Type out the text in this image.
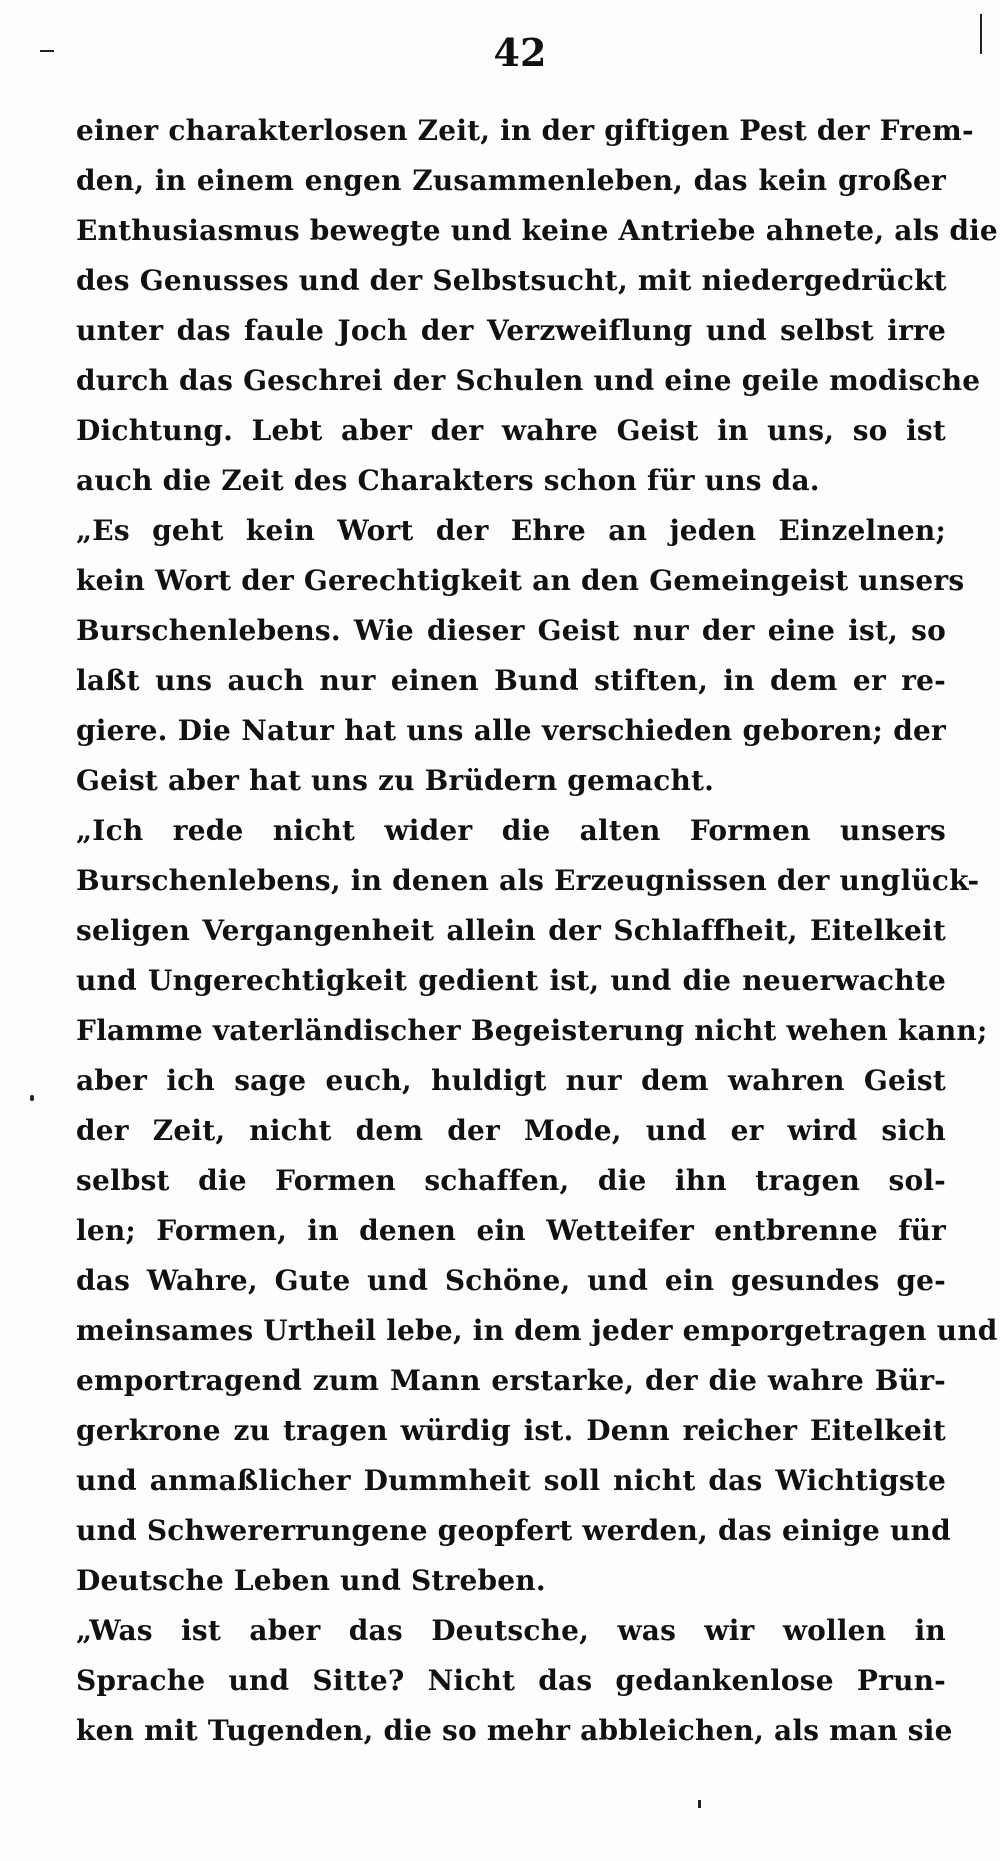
42
einer charakterlosen Zeit, in der giftigen Pest der Frem-
den, in einem engen Zusammenleben, das kein großer
Enthusiasmus bewegte und keine Antriebe ahnete, als die
des Genusses und der Selbstsucht, mit niedergedrückt
unter das faule Joch der Verzweiflung und selbst irre
durch das Geschrei der Schulen und eine geile modische
Dichtung. Lebt aber der wahre Geist in uns, so ist
auch die Zeit des Charakters schon für uns da.
„Es geht kein Wort der Ehre an jeden Einzelnen;
kein Wort der Gerechtigkeit an den Gemeingeist unsers
Burschenlebens. Wie dieser Geist nur der eine ist, so
laßt uns auch nur einen Bund stiften, in dem er re-
giere. Die Natur hat uns alle verschieden geboren; der
Geist aber hat uns zu Brüdern gemacht.
„Ich rede nicht wider die alten Formen unsers
Burschenlebens, in denen als Erzeugnissen der unglück-
seligen Vergangenheit allein der Schlaffheit, Eitelkeit
und Ungerechtigkeit gedient ist, und die neuerwachte
Flamme vaterländischer Begeisterung nicht wehen kann;
aber ich sage euch, huldigt nur dem wahren Geist
der Zeit, nicht dem der Mode, und er wird sich
selbst die Formen schaffen, die ihn tragen sol-
len; Formen, in denen ein Wetteifer entbrenne für
das Wahre, Gute und Schöne, und ein gesundes ge-
meinsames Urtheil lebe, in dem jeder emporgetragen und
emportragend zum Mann erstarke, der die wahre Bür-
gerkrone zu tragen würdig ist. Denn reicher Eitelkeit
und anmaßlicher Dummheit soll nicht das Wichtigste
und Schwererrungene geopfert werden, das einige und
Deutsche Leben und Streben.
„Was ist aber das Deutsche, was wir wollen in
Sprache und Sitte? Nicht das gedankenlose Prun-
ken mit Tugenden, die so mehr abbleichen, als man sie
